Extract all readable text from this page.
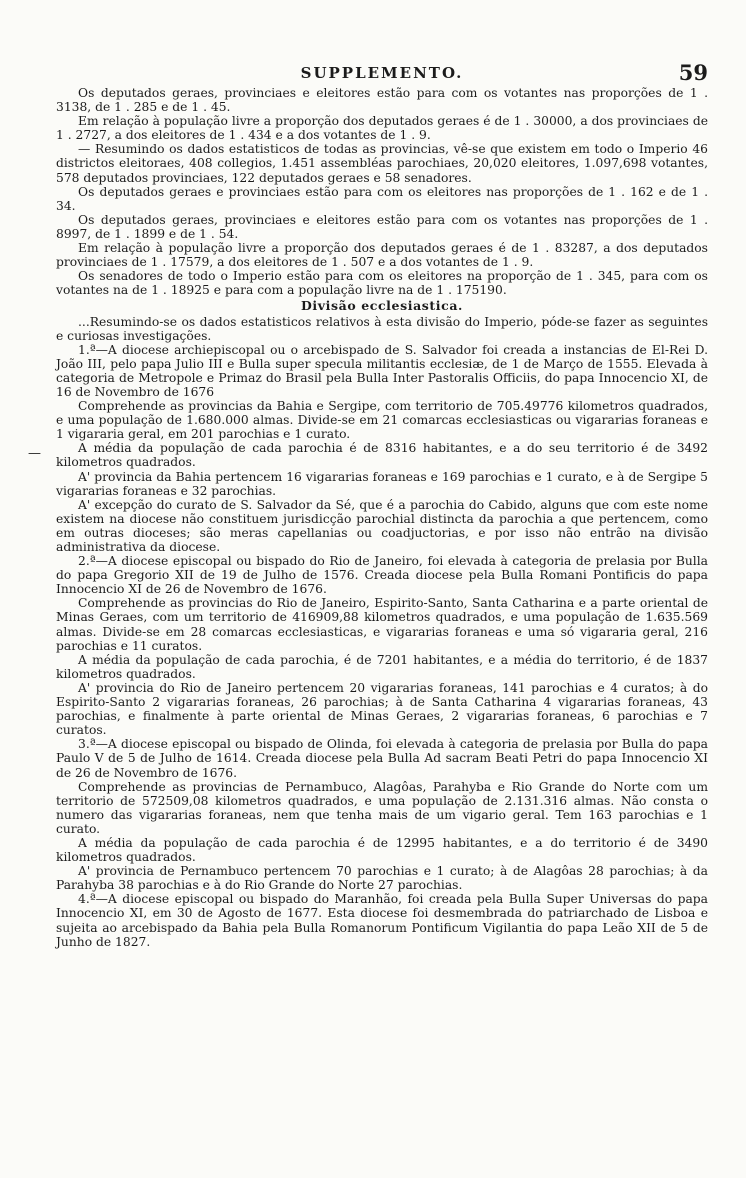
SUPPLEMENTO.	59
—

Os deputados geraes, provinciaes e eleitores estão para com os votantes nas proporções de 1 . 3138, de 1 . 285 e de 1 . 45.

Em relação à população livre a proporção dos deputados geraes é de 1 . 30000, a dos provinciaes de 1 . 2727, a dos eleitores de 1 . 434 e a dos votantes de 1 . 9.

— Resumindo os dados estatisticos de todas as provincias, vê-se que existem em todo o Imperio 46 districtos eleitoraes, 408 collegios, 1.451 assembléas parochiaes, 20,020 eleitores, 1.097,698 votantes, 578 deputados provinciaes, 122 deputados geraes e 58 senadores.

Os deputados geraes e provinciaes estão para com os eleitores nas proporções de 1 . 162 e de 1 . 34.

Os deputados geraes, provinciaes e eleitores estão para com os votantes nas proporções de 1 . 8997, de 1 . 1899 e de 1 . 54.

Em relação à população livre a proporção dos deputados geraes é de 1 . 83287, a dos deputados provinciaes de 1 . 17579, a dos eleitores de 1 . 507 e a dos votantes de 1 . 9.

Os senadores de todo o Imperio estão para com os eleitores na proporção de 1 . 345, para com os votantes na de 1 . 18925 e para com a população livre na de 1 . 175190.

Divisão ecclesiastica.

...Resumindo-se os dados estatisticos relativos à esta divisão do Imperio, póde-se fazer as seguintes e curiosas investigações.

1.ª—A diocese archiepiscopal ou o arcebispado de S. Salvador foi creada a instancias de El-Rei D. João III, pelo papa Julio III e Bulla super specula militantis ecclesiæ, de 1 de Março de 1555. Elevada à categoria de Metropole e Primaz do Brasil pela Bulla Inter Pastoralis Officiis, do papa Innocencio XI, de 16 de Novembro de 1676

Comprehende as provincias da Bahia e Sergipe, com territorio de 705.49776 kilometros quadrados, e uma população de 1.680.000 almas. Divide-se em 21 comarcas ecclesiasticas ou vigararias foraneas e 1 vigararia geral, em 201 parochias e 1 curato.

A média da população de cada parochia é de 8316 habitantes, e a do seu territorio é de 3492 kilometros quadrados.

A' provincia da Bahia pertencem 16 vigararias foraneas e 169 parochias e 1 curato, e à de Sergipe 5 vigararias foraneas e 32 parochias.

A' excepção do curato de S. Salvador da Sé, que é a parochia do Cabido, alguns que com este nome existem na diocese não constituem jurisdicção parochial distincta da parochia a que pertencem, como em outras dioceses; são meras capellanias ou coadjuctorias, e por isso não entrão na divisão administrativa da diocese.

2.ª—A diocese episcopal ou bispado do Rio de Janeiro, foi elevada à categoria de prelasia por Bulla do papa Gregorio XII de 19 de Julho de 1576. Creada diocese pela Bulla Romani Pontificis do papa Innocencio XI de 26 de Novembro de 1676.

Comprehende as provincias do Rio de Janeiro, Espirito-Santo, Santa Catharina e a parte oriental de Minas Geraes, com um territorio de 416909,88 kilometros quadrados, e uma população de 1.635.569 almas. Divide-se em 28 comarcas ecclesiasticas, e vigararias foraneas e uma só vigararia geral, 216 parochias e 11 curatos.

A média da população de cada parochia, é de 7201 habitantes, e a média do territorio, é de 1837 kilometros quadrados.

A' provincia do Rio de Janeiro pertencem 20 vigararias foraneas, 141 parochias e 4 curatos; à do Espirito-Santo 2 vigararias foraneas, 26 parochias; à de Santa Catharina 4 vigararias foraneas, 43 parochias, e finalmente à parte oriental de Minas Geraes, 2 vigararias foraneas, 6 parochias e 7 curatos.

3.ª—A diocese episcopal ou bispado de Olinda, foi elevada à categoria de prelasia por Bulla do papa Paulo V de 5 de Julho de 1614. Creada diocese pela Bulla Ad sacram Beati Petri do papa Innocencio XI de 26 de Novembro de 1676.

Comprehende as provincias de Pernambuco, Alagôas, Parahyba e Rio Grande do Norte com um territorio de 572509,08 kilometros quadrados, e uma população de 2.131.316 almas. Não consta o numero das vigararias foraneas, nem que tenha mais de um vigario geral. Tem 163 parochias e 1 curato.

A média da população de cada parochia é de 12995 habitantes, e a do territorio é de 3490 kilometros quadrados.

A' provincia de Pernambuco pertencem 70 parochias e 1 curato; à de Alagôas 28 parochias; à da Parahyba 38 parochias e à do Rio Grande do Norte 27 parochias.

4.ª—A diocese episcopal ou bispado do Maranhão, foi creada pela Bulla Super Universas do papa Innocencio XI, em 30 de Agosto de 1677. Esta diocese foi desmembrada do patriarchado de Lisboa e sujeita ao arcebispado da Bahia pela Bulla Romanorum Pontificum Vigilantia do papa Leão XII de 5 de Junho de 1827.
